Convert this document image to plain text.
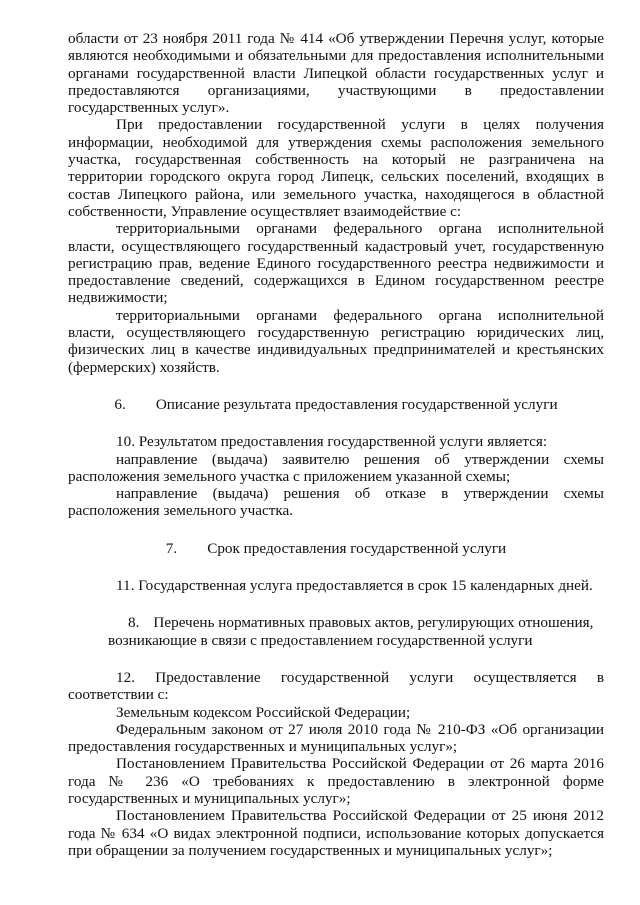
области от 23 ноября 2011 года № 414 «Об утверждении Перечня услуг, которые являются необходимыми и обязательными для предоставления исполнительными органами государственной власти Липецкой области государственных услуг и предоставляются организациями, участвующими в предоставлении государственных услуг».

При предоставлении государственной услуги в целях получения информации, необходимой для утверждения схемы расположения земельного участка, государственная собственность на который не разграничена на территории городского округа город Липецк, сельских поселений, входящих в состав Липецкого района, или земельного участка, находящегося в областной собственности, Управление осуществляет взаимодействие с:

территориальными органами федерального органа исполнительной власти, осуществляющего государственный кадастровый учет, государственную регистрацию прав, ведение Единого государственного реестра недвижимости и предоставление сведений, содержащихся в Едином государственном реестре недвижимости;

территориальными органами федерального органа исполнительной власти, осуществляющего государственную регистрацию юридических лиц, физических лиц в качестве индивидуальных предпринимателей и крестьянских (фермерских) хозяйств.

6. Описание результата предоставления государственной услуги

10. Результатом предоставления государственной услуги является:

направление (выдача) заявителю решения об утверждении схемы расположения земельного участка с приложением указанной схемы;

направление (выдача) решения об отказе в утверждении схемы расположения земельного участка.

7. Срок предоставления государственной услуги

11. Государственная услуга предоставляется в срок 15 календарных дней.

8. Перечень нормативных правовых актов, регулирующих отношения, возникающие в связи с предоставлением государственной услуги

12. Предоставление государственной услуги осуществляется в соответствии с:

Земельным кодексом Российской Федерации;

Федеральным законом от 27 июля 2010 года № 210-ФЗ «Об организации предоставления государственных и муниципальных услуг»;

Постановлением Правительства Российской Федерации от 26 марта 2016 года № 236 «О требованиях к предоставлению в электронной форме государственных и муниципальных услуг»;

Постановлением Правительства Российской Федерации от 25 июня 2012 года № 634 «О видах электронной подписи, использование которых допускается при обращении за получением государственных и муниципальных услуг»;
